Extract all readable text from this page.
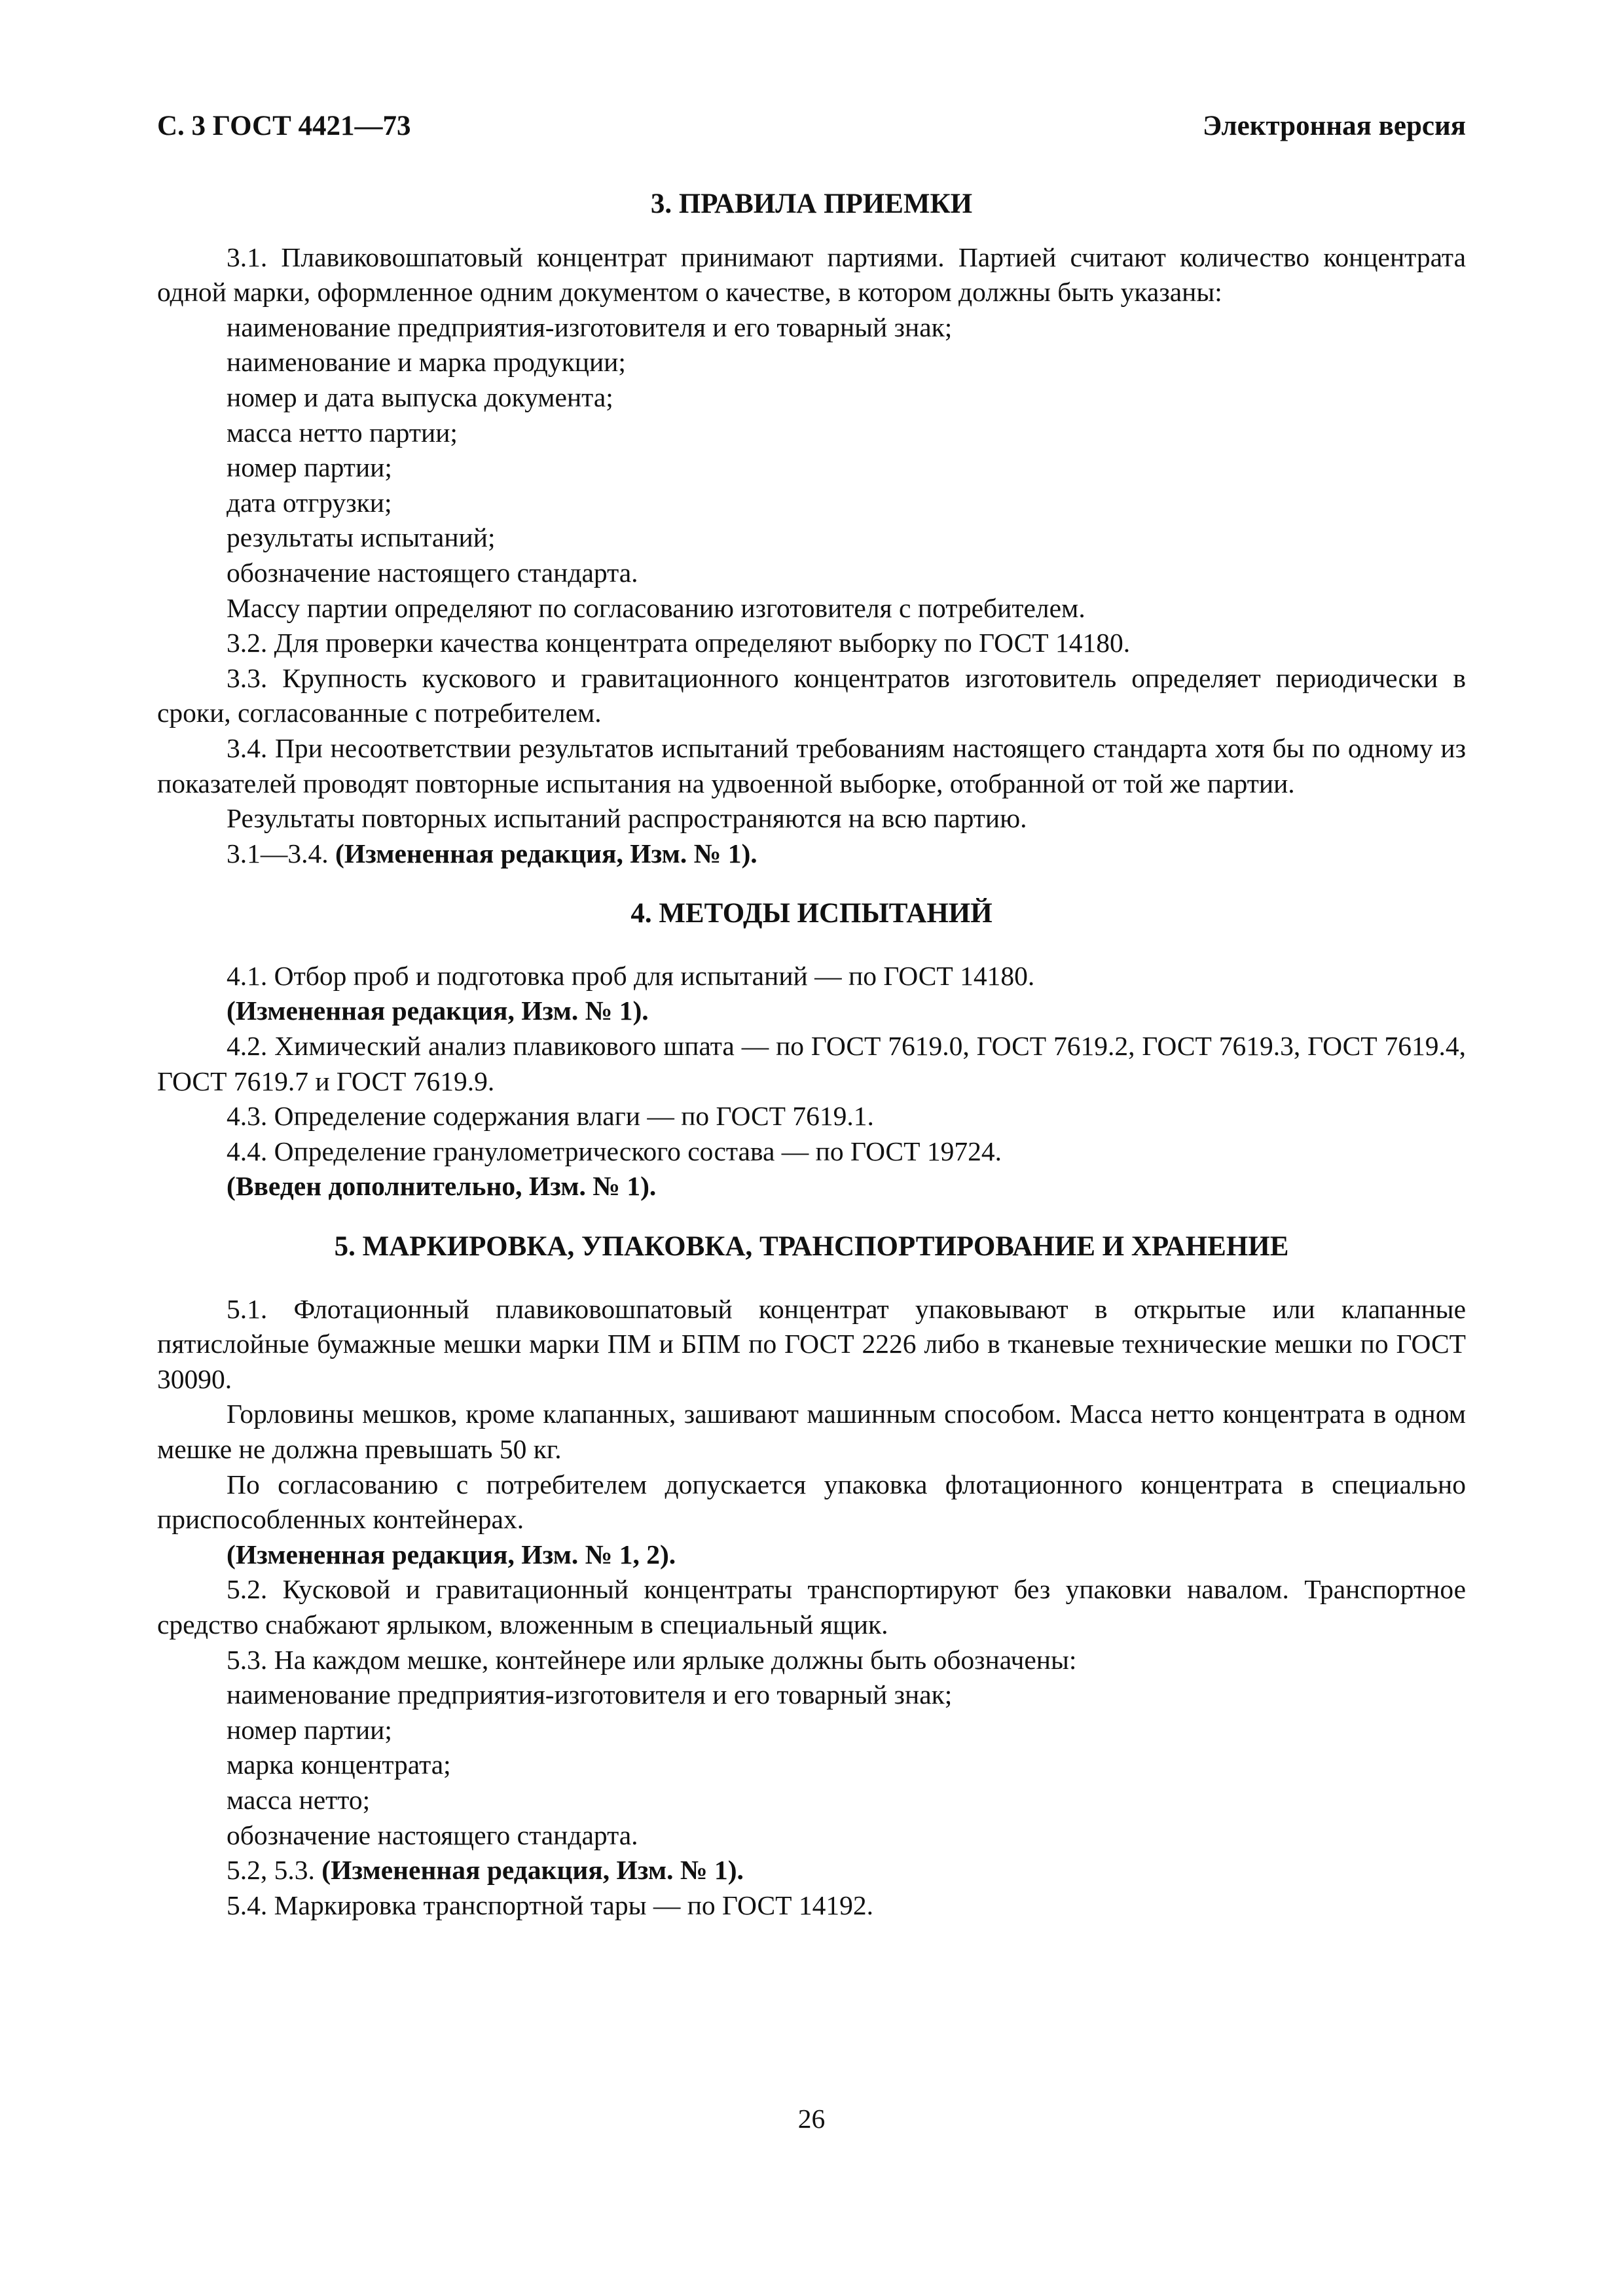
С. 3 ГОСТ 4421—73	Электронная версия
3. ПРАВИЛА ПРИЕМКИ

3.1. Плавиковошпатовый концентрат принимают партиями. Партией считают количество концентрата одной марки, оформленное одним документом о качестве, в котором должны быть указаны:

наименование предприятия-изготовителя и его товарный знак;
наименование и марка продукции;
номер и дата выпуска документа;
масса нетто партии;
номер партии;
дата отгрузки;
результаты испытаний;
обозначение настоящего стандарта.

Массу партии определяют по согласованию изготовителя с потребителем.

3.2. Для проверки качества концентрата определяют выборку по ГОСТ 14180.

3.3. Крупность кускового и гравитационного концентратов изготовитель определяет периодически в сроки, согласованные с потребителем.

3.4. При несоответствии результатов испытаний требованиям настоящего стандарта хотя бы по одному из показателей проводят повторные испытания на удвоенной выборке, отобранной от той же партии.

Результаты повторных испытаний распространяются на всю партию.

3.1—3.4. (Измененная редакция, Изм. № 1).

4. МЕТОДЫ ИСПЫТАНИЙ

4.1. Отбор проб и подготовка проб для испытаний — по ГОСТ 14180.

(Измененная редакция, Изм. № 1).

4.2. Химический анализ плавикового шпата — по ГОСТ 7619.0, ГОСТ 7619.2, ГОСТ 7619.3, ГОСТ 7619.4, ГОСТ 7619.7 и ГОСТ 7619.9.

4.3. Определение содержания влаги — по ГОСТ 7619.1.

4.4. Определение гранулометрического состава — по ГОСТ 19724.

(Введен дополнительно, Изм. № 1).

5. МАРКИРОВКА, УПАКОВКА, ТРАНСПОРТИРОВАНИЕ И ХРАНЕНИЕ

5.1. Флотационный плавиковошпатовый концентрат упаковывают в открытые или клапанные пятислойные бумажные мешки марки ПМ и БПМ по ГОСТ 2226 либо в тканевые технические мешки по ГОСТ 30090.

Горловины мешков, кроме клапанных, зашивают машинным способом. Масса нетто концентрата в одном мешке не должна превышать 50 кг.

По согласованию с потребителем допускается упаковка флотационного концентрата в специально приспособленных контейнерах.

(Измененная редакция, Изм. № 1, 2).

5.2. Кусковой и гравитационный концентраты транспортируют без упаковки навалом. Транспортное средство снабжают ярлыком, вложенным в специальный ящик.

5.3. На каждом мешке, контейнере или ярлыке должны быть обозначены:

наименование предприятия-изготовителя и его товарный знак;
номер партии;
марка концентрата;
масса нетто;
обозначение настоящего стандарта.

5.2, 5.3. (Измененная редакция, Изм. № 1).

5.4. Маркировка транспортной тары — по ГОСТ 14192.

26
